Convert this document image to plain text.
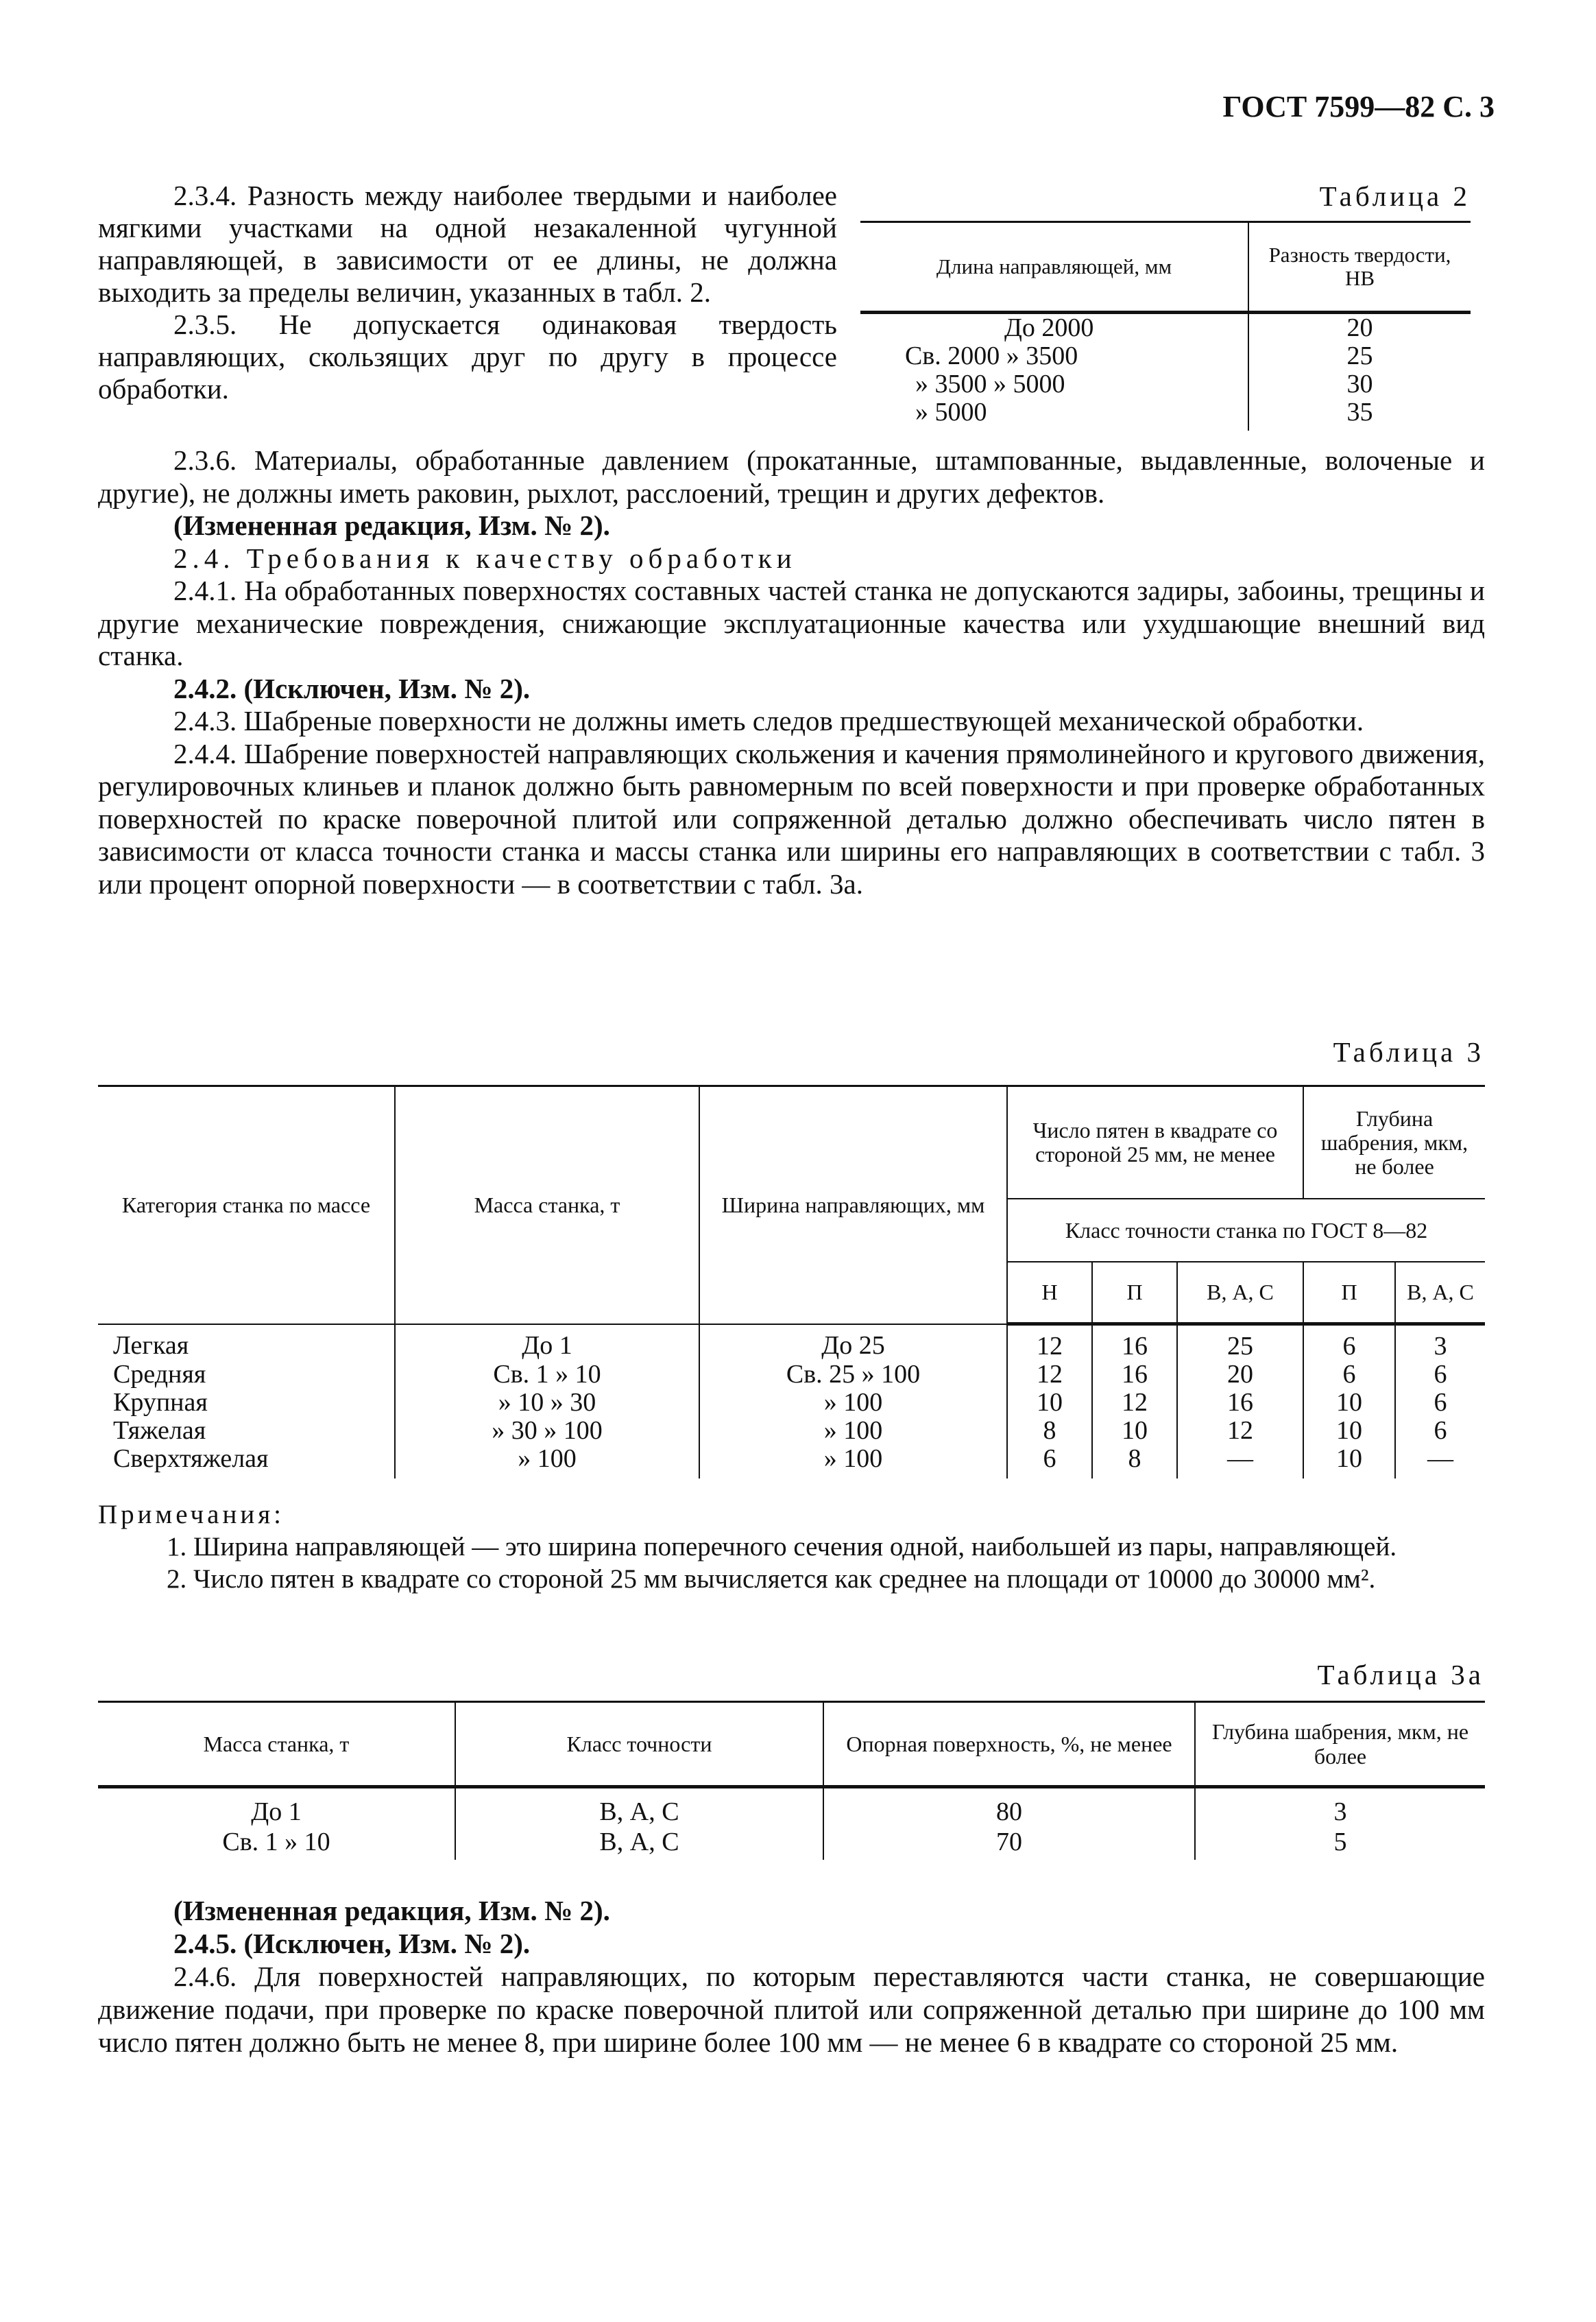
ГОСТ 7599—82 С. 3

2.3.4. Разность между наиболее твердыми и наиболее мягкими участками на одной незакаленной чугунной направляющей, в зависимости от ее длины, не должна выходить за пределы величин, указанных в табл. 2.

2.3.5. Не допускается одинаковая твердость направляющих, скользящих друг по другу в процессе обработки.

Таблица 2
Длина направляющей, мм	Разность твердости, НВ
До 2000	20
Св. 2000 » 3500	25
» 3500 » 5000	30
» 5000	35

2.3.6. Материалы, обработанные давлением (прокатанные, штампованные, выдавленные, волоченые и другие), не должны иметь раковин, рыхлот, расслоений, трещин и других дефектов.

(Измененная редакция, Изм. № 2).

2.4. Требования к качеству обработки

2.4.1. На обработанных поверхностях составных частей станка не допускаются задиры, забоины, трещины и другие механические повреждения, снижающие эксплуатационные качества или ухудшающие внешний вид станка.

2.4.2. (Исключен, Изм. № 2).

2.4.3. Шабреные поверхности не должны иметь следов предшествующей механической обработки.

2.4.4. Шабрение поверхностей направляющих скольжения и качения прямолинейного и кругового движения, регулировочных клиньев и планок должно быть равномерным по всей поверхности и при проверке обработанных поверхностей по краске поверочной плитой или сопряженной деталью должно обеспечивать число пятен в зависимости от класса точности станка и массы станка или ширины его направляющих в соответствии с табл. 3 или процент опорной поверхности — в соответствии с табл. 3а.

Таблица 3
Категория станка по массе	Масса станка, т	Ширина направляющих, мм	Число пятен в квадрате со стороной 25 мм, не менее			Глубина шабрения, мкм, не более	
			Класс точности станка по ГОСТ 8—82				
			Н	П	В, А, С	П	В, А, С
Легкая	До 1	До 25	12	16	25	6	3
Средняя	Св. 1 » 10	Св. 25 » 100	12	16	20	6	6
Крупная	» 10 » 30	» 100	10	12	16	10	6
Тяжелая	» 30 » 100	» 100	8	10	12	10	6
Сверхтяжелая	» 100	» 100	6	8	—	10	—

Примечания:

1. Ширина направляющей — это ширина поперечного сечения одной, наибольшей из пары, направляющей.

2. Число пятен в квадрате со стороной 25 мм вычисляется как среднее на площади от 10000 до 30000 мм².

Таблица 3а
Масса станка, т	Класс точности	Опорная поверхность, %, не менее	Глубина шабрения, мкм, не более
До 1	В, А, С	80	3
Св. 1 » 10	В, А, С	70	5

(Измененная редакция, Изм. № 2).

2.4.5. (Исключен, Изм. № 2).

2.4.6. Для поверхностей направляющих, по которым переставляются части станка, не совершающие движение подачи, при проверке по краске поверочной плитой или сопряженной деталью при ширине до 100 мм число пятен должно быть не менее 8, при ширине более 100 мм — не менее 6 в квадрате со стороной 25 мм.
